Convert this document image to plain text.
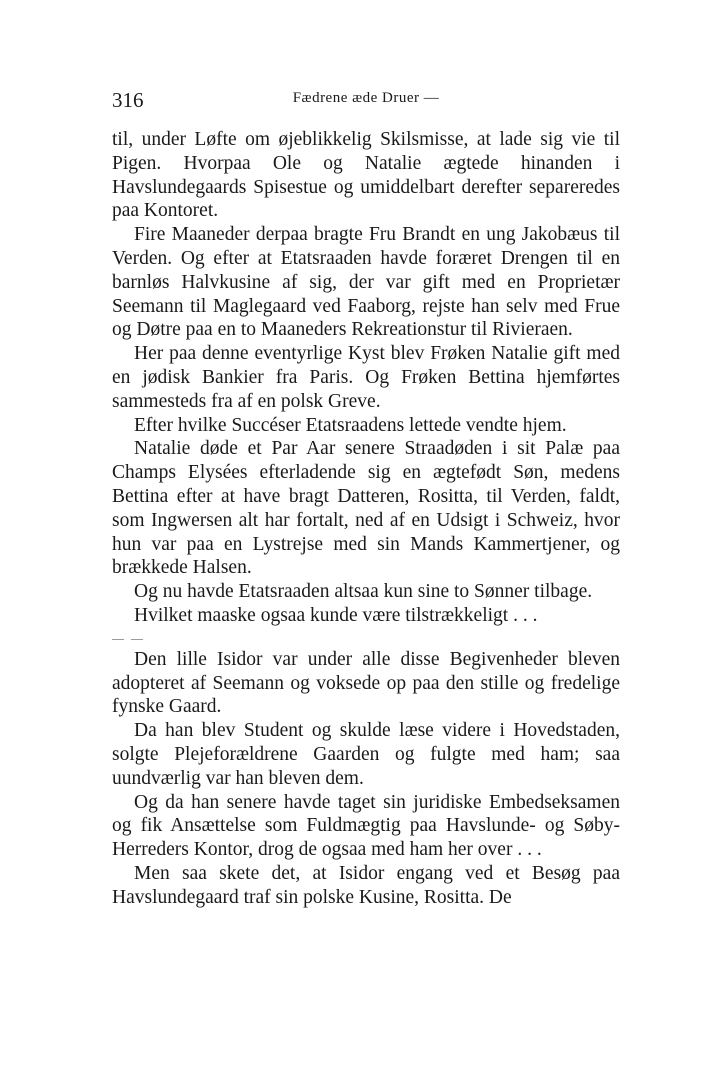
316	Fædrene æde Druer —

til, under Løfte om øjeblikkelig Skilsmisse, at lade sig vie til Pigen. Hvorpaa Ole og Natalie ægtede hinanden i Havslundegaards Spisestue og umiddelbart derefter separeredes paa Kontoret.

Fire Maaneder derpaa bragte Fru Brandt en ung Jakobæus til Verden. Og efter at Etatsraaden havde foræret Drengen til en barnløs Halvkusine af sig, der var gift med en Proprietær Seemann til Maglegaard ved Faaborg, rejste han selv med Frue og Døtre paa en to Maaneders Rekreationstur til Rivieraen.

Her paa denne eventyrlige Kyst blev Frøken Natalie gift med en jødisk Bankier fra Paris. Og Frøken Bettina hjemførtes sammesteds fra af en polsk Greve.

Efter hvilke Succéser Etatsraadens lettede vendte hjem.

Natalie døde et Par Aar senere Straadøden i sit Palæ paa Champs Elysées efterladende sig en ægtefødt Søn, medens Bettina efter at have bragt Datteren, Rositta, til Verden, faldt, som Ingwersen alt har fortalt, ned af en Udsigt i Schweiz, hvor hun var paa en Lystrejse med sin Mands Kammertjener, og brækkede Halsen.

Og nu havde Etatsraaden altsaa kun sine to Sønner tilbage.

Hvilket maaske ogsaa kunde være tilstrækkeligt . . .

— —

Den lille Isidor var under alle disse Begivenheder bleven adopteret af Seemann og voksede op paa den stille og fredelige fynske Gaard.

Da han blev Student og skulde læse videre i Hovedstaden, solgte Plejeforældrene Gaarden og fulgte med ham; saa uundværlig var han bleven dem.

Og da han senere havde taget sin juridiske Embedseksamen og fik Ansættelse som Fuldmægtig paa Havslunde- og Søby-Herreders Kontor, drog de ogsaa med ham her over . . .

Men saa skete det, at Isidor engang ved et Besøg paa Havslundegaard traf sin polske Kusine, Rositta. De
